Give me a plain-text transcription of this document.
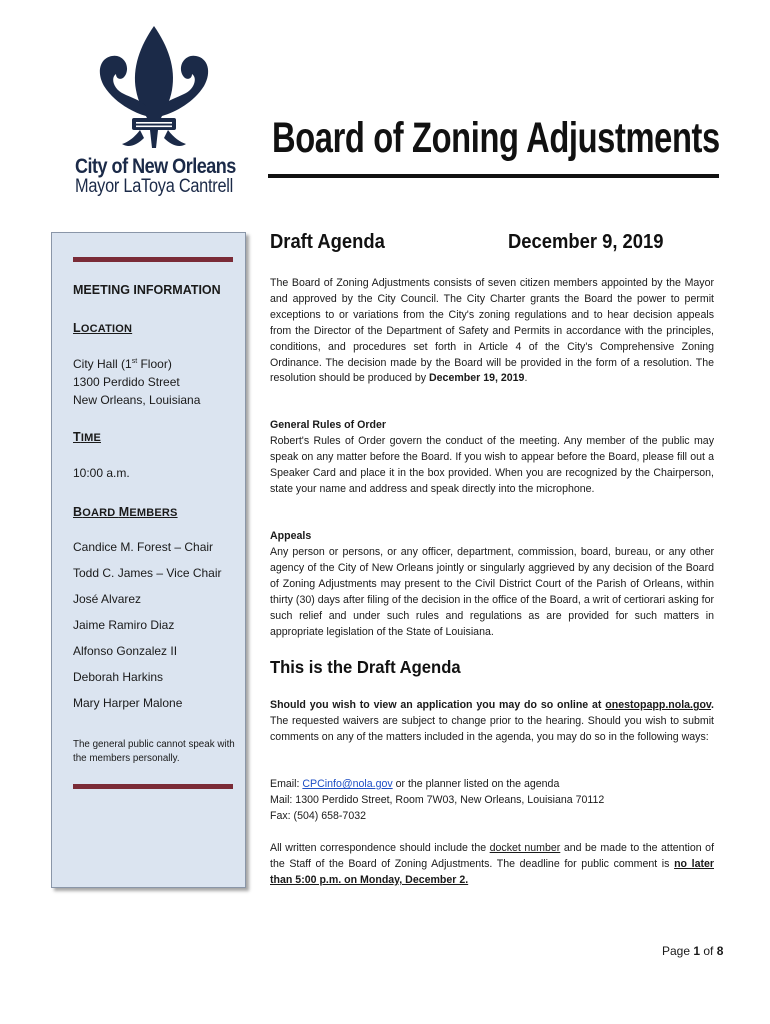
City of New Orleans
Mayor LaToya Cantrell
Board of Zoning Adjustments
MEETING INFORMATION
LOCATION
City Hall (1st Floor)
1300 Perdido Street
New Orleans, Louisiana
TIME
10:00 a.m.
BOARD MEMBERS
Candice M. Forest – Chair
Todd C. James – Vice Chair
José Alvarez
Jaime Ramiro Diaz
Alfonso Gonzalez II
Deborah Harkins
Mary Harper Malone
The general public cannot speak with the members personally.
Draft Agenda	December 9, 2019
The Board of Zoning Adjustments consists of seven citizen members appointed by the Mayor and approved by the City Council. The City Charter grants the Board the power to permit exceptions to or variations from the City's zoning regulations and to hear decision appeals from the Director of the Department of Safety and Permits in accordance with the principles, conditions, and procedures set forth in Article 4 of the City's Comprehensive Zoning Ordinance. The decision made by the Board will be provided in the form of a resolution. The resolution should be produced by December 19, 2019.
General Rules of Order
Robert's Rules of Order govern the conduct of the meeting. Any member of the public may speak on any matter before the Board. If you wish to appear before the Board, please fill out a Speaker Card and place it in the box provided. When you are recognized by the Chairperson, state your name and address and speak directly into the microphone.
Appeals
Any person or persons, or any officer, department, commission, board, bureau, or any other agency of the City of New Orleans jointly or singularly aggrieved by any decision of the Board of Zoning Adjustments may present to the Civil District Court of the Parish of Orleans, within thirty (30) days after filing of the decision in the office of the Board, a writ of certiorari asking for such relief and under such rules and regulations as are provided for such matters in appropriate legislation of the State of Louisiana.
This is the Draft Agenda
Should you wish to view an application you may do so online at onestopapp.nola.gov. The requested waivers are subject to change prior to the hearing. Should you wish to submit comments on any of the matters included in the agenda, you may do so in the following ways:
Email: CPCinfo@nola.gov or the planner listed on the agenda
Mail: 1300 Perdido Street, Room 7W03, New Orleans, Louisiana 70112
Fax: (504) 658-7032
All written correspondence should include the docket number and be made to the attention of the Staff of the Board of Zoning Adjustments. The deadline for public comment is no later than 5:00 p.m. on Monday, December 2.
Page 1 of 8
